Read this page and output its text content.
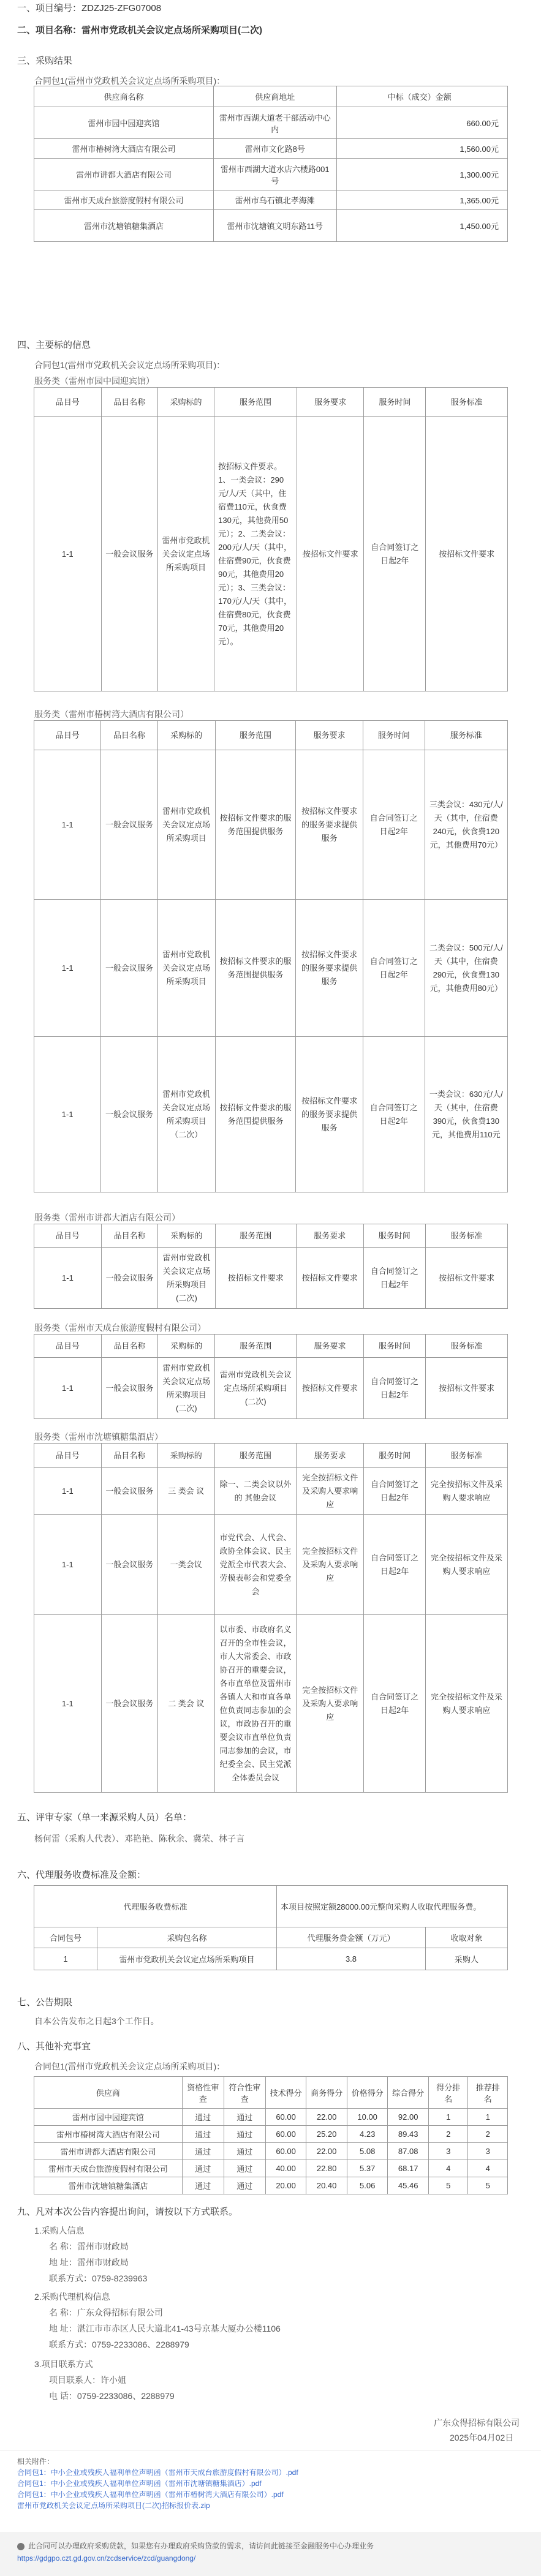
一、项目编号：ZDZJ25-ZFG07008
二、项目名称：雷州市党政机关会议定点场所采购项目(二次)
三、采购结果
合同包1(雷州市党政机关会议定点场所采购项目)：
供应商名称	供应商地址	中标（成交）金额
雷州市园中园迎宾馆	雷州市西湖大道老干部活动中心内	660.00元
雷州市椿树湾大酒店有限公司	雷州市文化路8号	1,560.00元
雷州市讲都大酒店有限公司	雷州市西湖大道水店六楼路001号	1,300.00元
雷州市天成台旅游度假村有限公司	雷州市乌石镇北孝海滩	1,365.00元
雷州市沈塘镇糖集酒店	雷州市沈塘镇文明东路11号	1,450.00元
四、主要标的信息
合同包1(雷州市党政机关会议定点场所采购项目)：
服务类（雷州市园中园迎宾馆）
品目号	品目名称	采购标的	服务范围	服务要求	服务时间	服务标准
1-1	一般会议服务	雷州市党政机关会议定点场所采购项目	按招标文件要求。1、一类会议：290元/人/天（其中，住宿费110元，伙食费130元，其他费用50元）；2、二类会议：200元/人/天（其中，住宿费90元，伙食费90元，其他费用20元）；3、三类会议：170元/人/天（其中，住宿费80元，伙食费70元，其他费用20元）。	按招标文件要求	自合同签订之日起2年	按招标文件要求
服务类（雷州市椿树湾大酒店有限公司）
品目号	品目名称	采购标的	服务范围	服务要求	服务时间	服务标准
1-1	一般会议服务	雷州市党政机关会议定点场所采购项目	按招标文件要求的服务范围提供服务	按招标文件要求的服务要求提供服务	自合同签订之日起2年	三类会议：430元/人/天（其中，住宿费240元，伙食费120元，其他费用70元）
1-1	一般会议服务	雷州市党政机关会议定点场所采购项目	按招标文件要求的服务范围提供服务	按招标文件要求的服务要求提供服务	自合同签订之日起2年	二类会议：500元/人/天（其中，住宿费290元，伙食费130元，其他费用80元）
1-1	一般会议服务	雷州市党政机关会议定点场所采购项目（二次）	按招标文件要求的服务范围提供服务	按招标文件要求的服务要求提供服务	自合同签订之日起2年	一类会议：630元/人/天（其中，住宿费390元，伙食费130元，其他费用110元
服务类（雷州市讲都大酒店有限公司）
品目号	品目名称	采购标的	服务范围	服务要求	服务时间	服务标准
1-1	一般会议服务	雷州市党政机关会议定点场所采购项目(二次)	按招标文件要求	按招标文件要求	自合同签订之日起2年	按招标文件要求
服务类（雷州市天成台旅游度假村有限公司）
品目号	品目名称	采购标的	服务范围	服务要求	服务时间	服务标准
1-1	一般会议服务	雷州市党政机关会议定点场所采购项目(二次)	雷州市党政机关会议定点场所采购项目(二次)	按招标文件要求	自合同签订之日起2年	按招标文件要求
服务类（雷州市沈塘镇糖集酒店）
品目号	品目名称	采购标的	服务范围	服务要求	服务时间	服务标准
1-1	一般会议服务	三 类会 议	除一、二类会议以外的 其他会议	完全按招标文件及采购人要求响应	自合同签订之日起2年	完全按招标文件及采购人要求响应
1-1	一般会议服务	一类会议	市党代会、人代会、政协全体会议、民主党派全市代表大会、劳模表彰会和党委全会	完全按招标文件及采购人要求响应	自合同签订之日起2年	完全按招标文件及采购人要求响应
1-1	一般会议服务	二 类会 议	以市委、市政府名义召开的全市性会议，市人大常委会、市政协召开的重要会议，各市直单位及雷州市各镇人大和市直各单位负责同志参加的会议，市政协召开的重要会议市直单位负责同志参加的会议，市纪委全会、民主党派全体委员会议	完全按招标文件及采购人要求响应	自合同签订之日起2年	完全按招标文件及采购人要求响应
五、评审专家（单一来源采购人员）名单：
杨何雷（采购人代表）、邓艳艳、陈秋余、冀荣、林子言
六、代理服务收费标准及金额：
代理服务收费标准		本项目按照定额28000.00元整向采购人收取代理服务费。	
合同包号	采购包名称	代理服务费金额（万元）	收取对象
1	雷州市党政机关会议定点场所采购项目	3.8	采购人
七、公告期限
自本公告发布之日起3个工作日。
八、其他补充事宜
合同包1(雷州市党政机关会议定点场所采购项目)：
供应商	资格性审查	符合性审查	技术得分	商务得分	价格得分	综合得分	得分排名	推荐排名
雷州市园中园迎宾馆	通过	通过	60.00	22.00	10.00	92.00	1	1
雷州市椿树湾大酒店有限公司	通过	通过	60.00	25.20	4.23	89.43	2	2
雷州市讲都大酒店有限公司	通过	通过	60.00	22.00	5.08	87.08	3	3
雷州市天成台旅游度假村有限公司	通过	通过	40.00	22.80	5.37	68.17	4	4
雷州市沈塘镇糖集酒店	通过	通过	20.00	20.40	5.06	45.46	5	5
九、凡对本次公告内容提出询问，请按以下方式联系。
1.采购人信息
名 称：雷州市财政局
地 址：雷州市财政局
联系方式：0759-8239963
2.采购代理机构信息
名 称：广东众得招标有限公司
地 址：湛江市市赤区人民大道北41-43号京基大厦办公楼1106
联系方式：0759-2233086、2288979
3.项目联系方式
项目联系人：许小姐
电 话：0759-2233086、2288979
广东众得招标有限公司
2025年04月02日
相关附件：
合同包1：中小企业或残疾人福利单位声明函（雷州市天成台旅游度假村有限公司）.pdf
合同包1：中小企业或残疾人福利单位声明函（雷州市沈塘镇糖集酒店）.pdf
合同包1：中小企业或残疾人福利单位声明函（雷州市椿树湾大酒店有限公司）.pdf
雷州市党政机关会议定点场所采购项目(二次)招标报价表.zip
此合同可以办理政府采购贷款，如果您有办理政府采购贷款的需求，请访问此链接至金融服务中心办理业务
https://gdgpo.czt.gd.gov.cn/zcdservice/zcd/guangdong/
